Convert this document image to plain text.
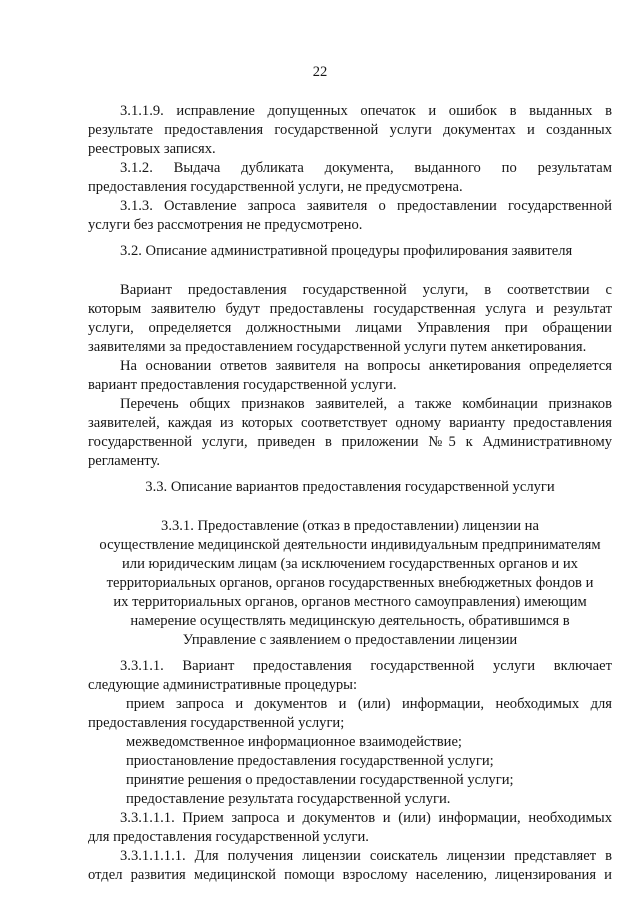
22
3.1.1.9. исправление допущенных опечаток и ошибок в выданных в
результате предоставления государственной услуги документах и созданных
реестровых записях.
3.1.2. Выдача дубликата документа, выданного по результатам
предоставления государственной услуги, не предусмотрена.
3.1.3. Оставление запроса заявителя о предоставлении государственной
услуги без рассмотрения не предусмотрено.
3.2. Описание административной процедуры профилирования заявителя
Вариант предоставления государственной услуги, в соответствии с
которым заявителю будут предоставлены государственная услуга и результат
услуги, определяется должностными лицами Управления при обращении
заявителями за предоставлением государственной услуги путем анкетирования.
На основании ответов заявителя на вопросы анкетирования определяется
вариант предоставления государственной услуги.
Перечень общих признаков заявителей, а также комбинации признаков
заявителей, каждая из которых соответствует одному варианту предоставления
государственной услуги, приведен в приложении №5 к Административному
регламенту.
3.3. Описание вариантов предоставления государственной услуги
3.3.1. Предоставление (отказ в предоставлении) лицензии на
осуществление медицинской деятельности индивидуальным предпринимателям
или юридическим лицам (за исключением государственных органов и их
территориальных органов, органов государственных внебюджетных фондов и
их территориальных органов, органов местного самоуправления) имеющим
намерение осуществлять медицинскую деятельность, обратившимся в
Управление с заявлением о предоставлении лицензии
3.3.1.1. Вариант предоставления государственной услуги включает
следующие административные процедуры:
прием запроса и документов и (или) информации, необходимых для
предоставления государственной услуги;
межведомственное информационное взаимодействие;
приостановление предоставления государственной услуги;
принятие решения о предоставлении государственной услуги;
предоставление результата государственной услуги.
3.3.1.1.1. Прием запроса и документов и (или) информации, необходимых
для предоставления государственной услуги.
3.3.1.1.1.1. Для получения лицензии соискатель лицензии представляет в
отдел развития медицинской помощи взрослому населению, лицензирования и
